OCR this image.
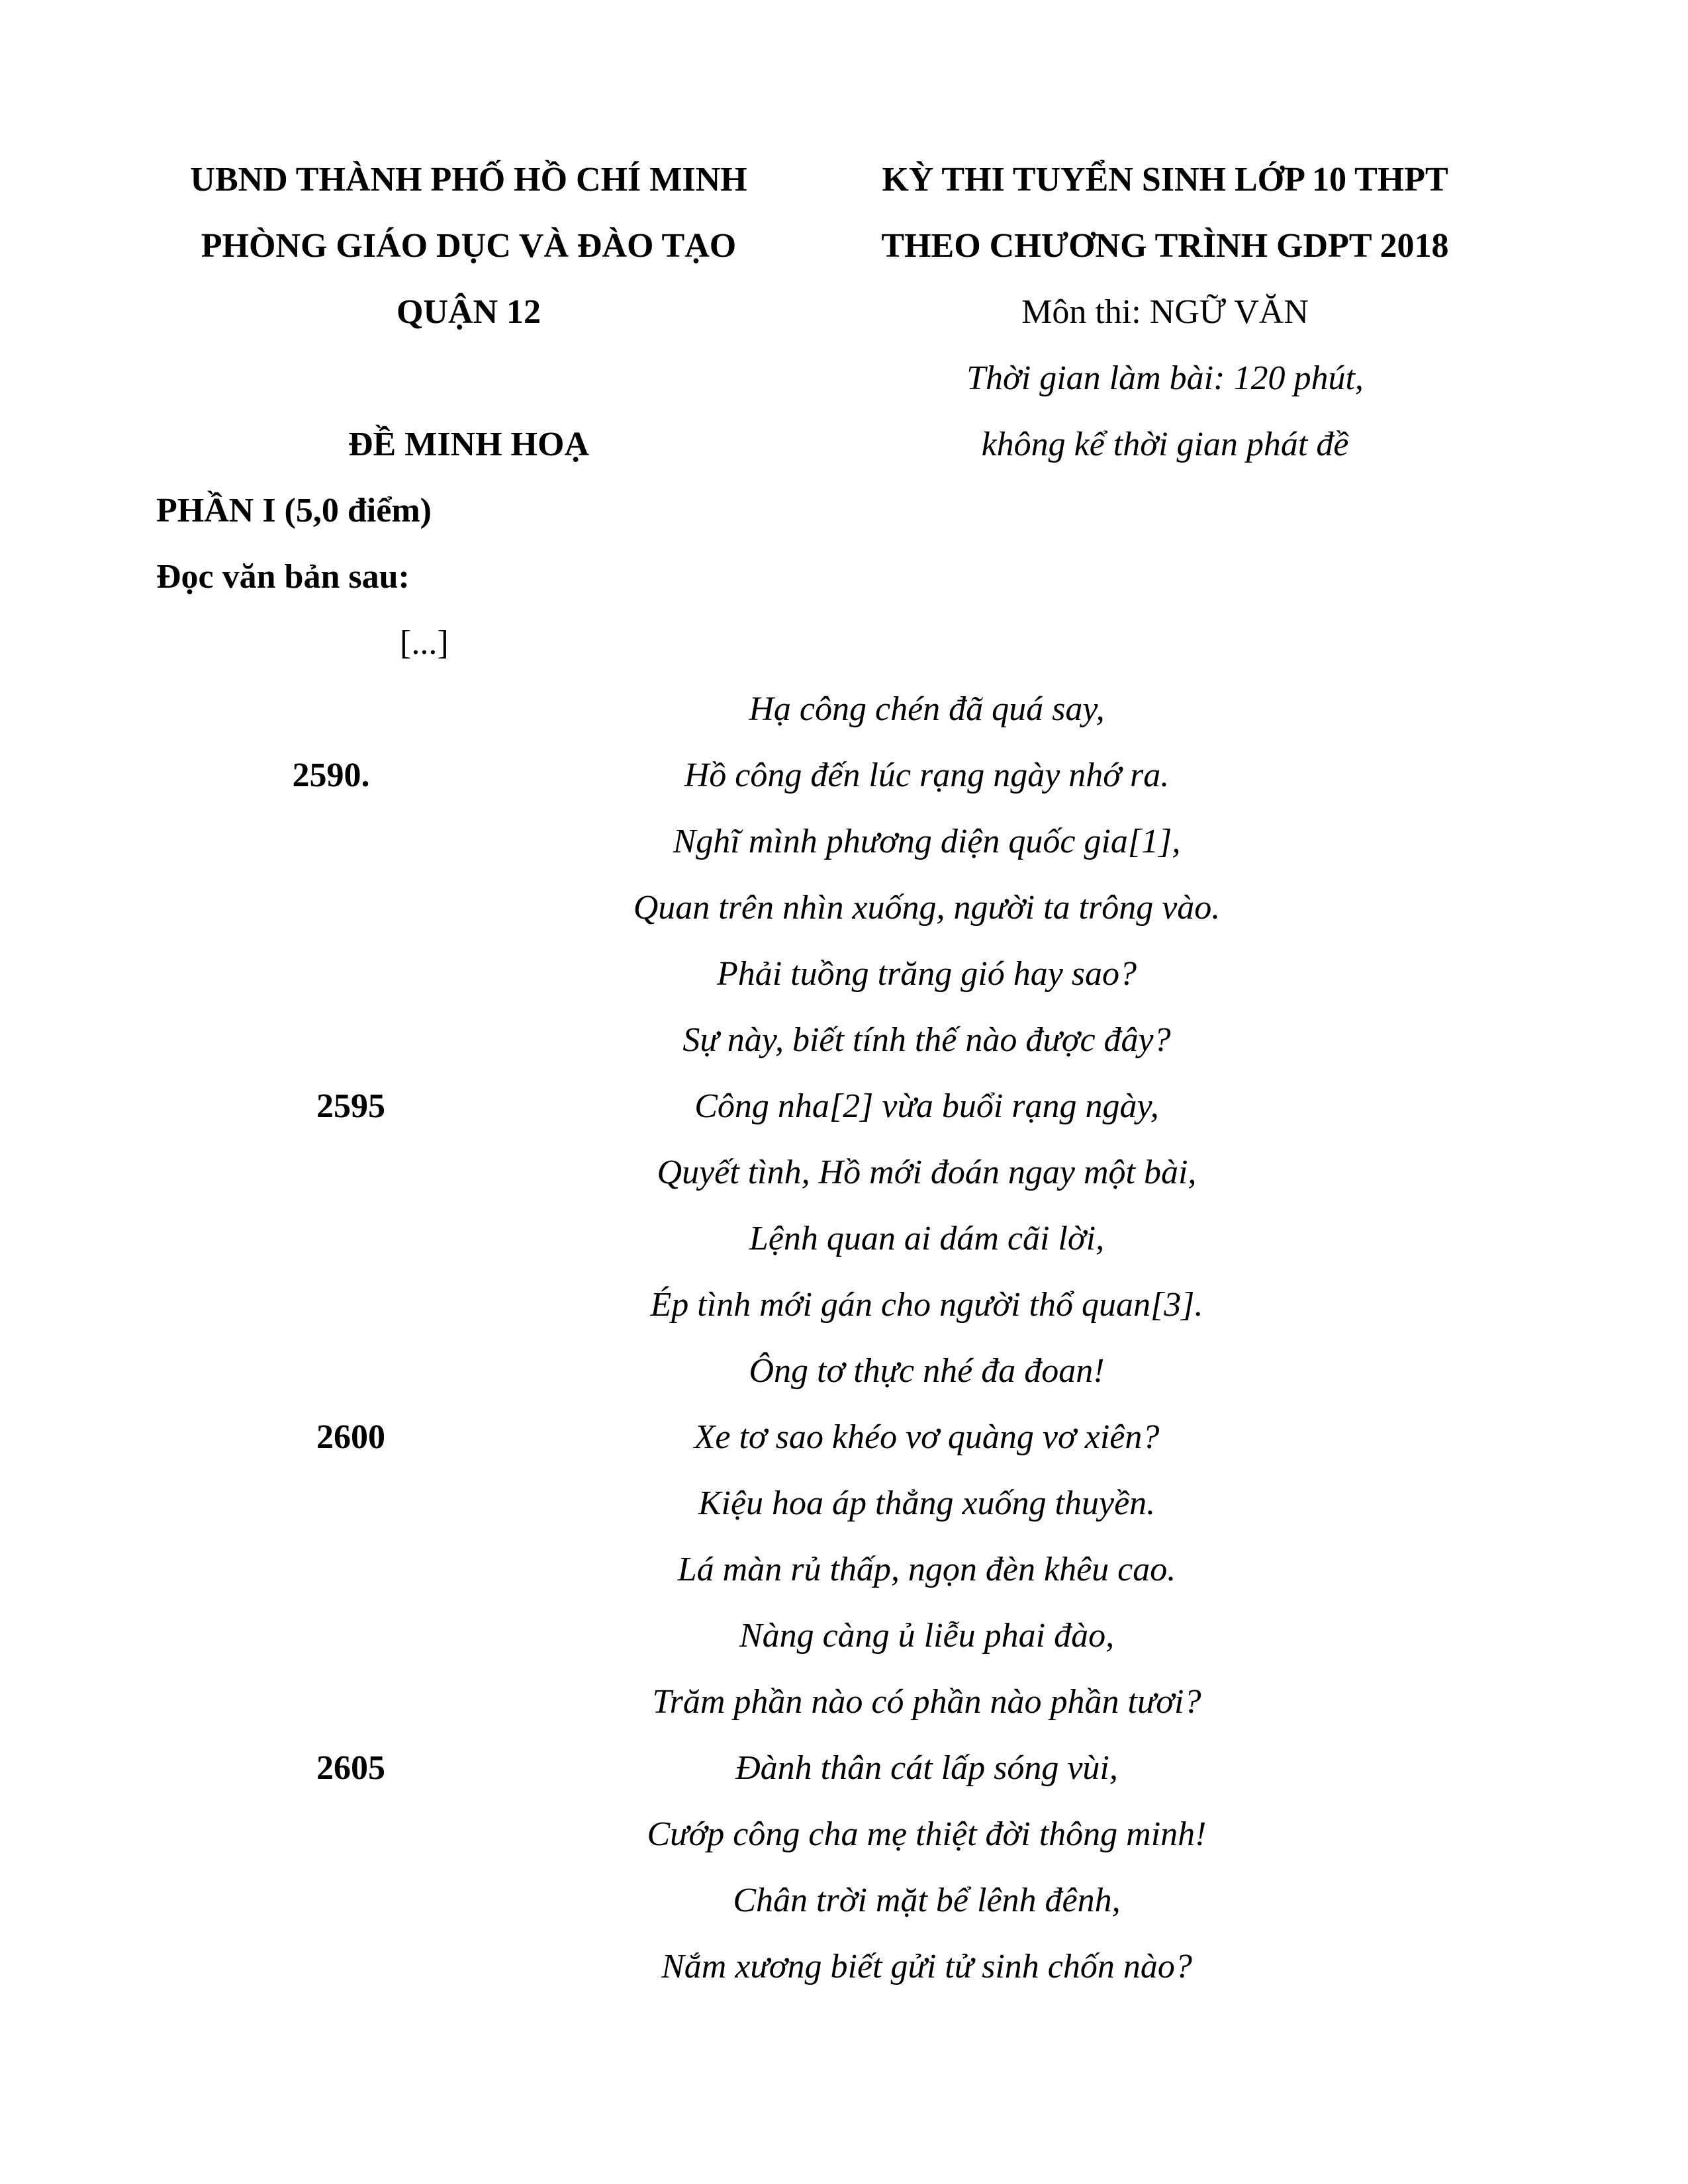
UBND THÀNH PHỐ HỒ CHÍ MINH
PHÒNG GIÁO DỤC VÀ ĐÀO TẠO
QUẬN 12
ĐỀ MINH HOẠ
KỲ THI TUYỂN SINH LỚP 10 THPT
THEO CHƯƠNG TRÌNH GDPT 2018
Môn thi: NGỮ VĂN
Thời gian làm bài: 120 phút,
không kể thời gian phát đề
PHẦN I (5,0 điểm)
Đọc văn bản sau:
[...]
Hạ công chén đã quá say,
Hồ công đến lúc rạng ngày nhớ ra.
Nghĩ mình phương diện quốc gia[1],
Quan trên nhìn xuống, người ta trông vào.
Phải tuồng trăng gió hay sao?
Sự này, biết tính thế nào được đây?
Công nha[2] vừa buổi rạng ngày,
Quyết tình, Hồ mới đoán ngay một bài,
Lệnh quan ai dám cãi lời,
Ép tình mới gán cho người thổ quan[3].
Ông tơ thực nhé đa đoan!
Xe tơ sao khéo vơ quàng vơ xiên?
Kiệu hoa áp thẳng xuống thuyền.
Lá màn rủ thấp, ngọn đèn khêu cao.
Nàng càng ủ liễu phai đào,
Trăm phần nào có phần nào phần tươi?
Đành thân cát lấp sóng vùi,
Cướp công cha mẹ thiệt đời thông minh!
Chân trời mặt bể lênh đênh,
Nắm xương biết gửi tử sinh chốn nào?
2590.
2595
2600
2605
